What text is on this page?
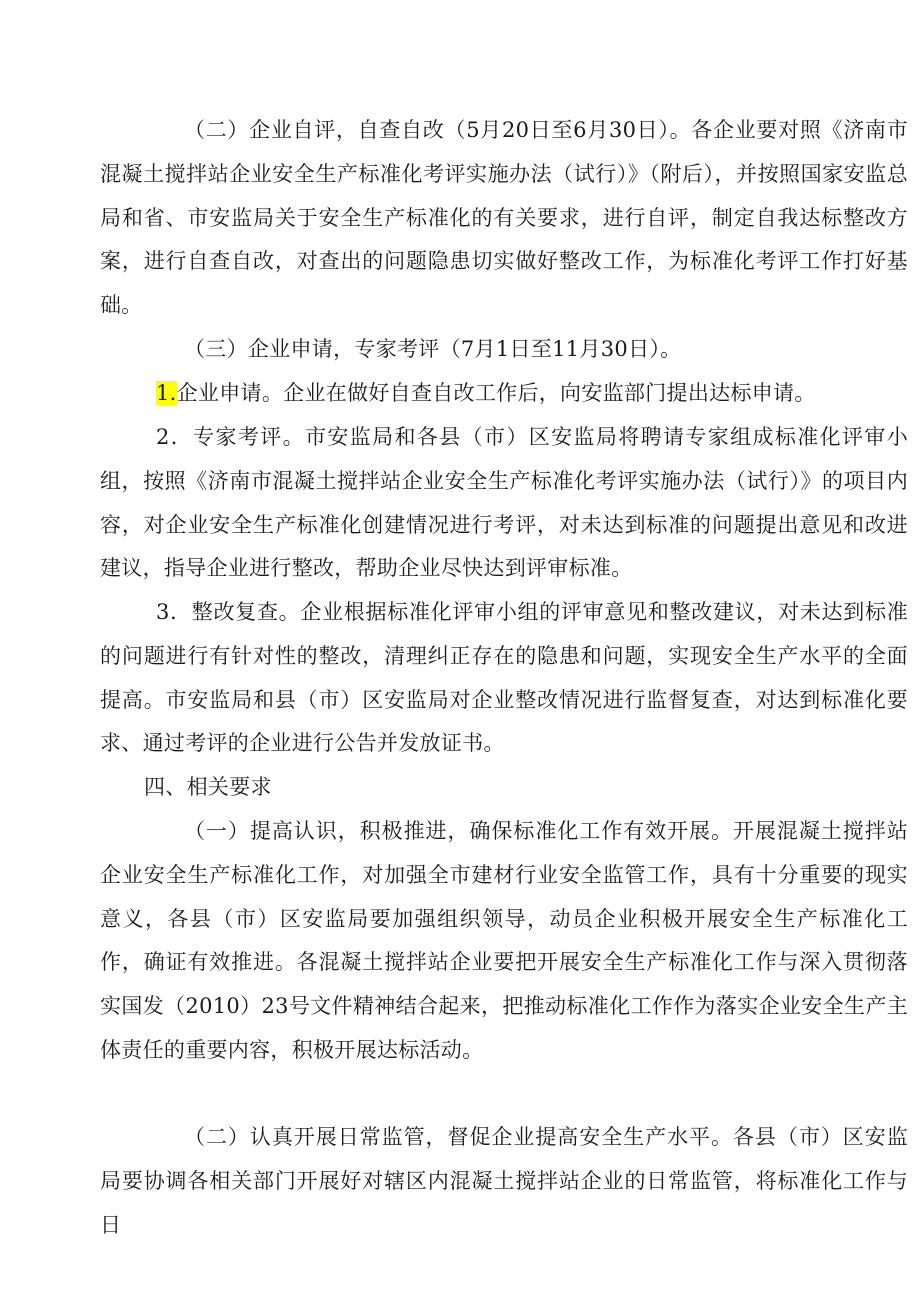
（二）企业自评，自查自改（5月20日至6月30日）。各企业要对照《济南市混凝土搅拌站企业安全生产标准化考评实施办法（试行）》（附后），并按照国家安监总局和省、市安监局关于安全生产标准化的有关要求，进行自评，制定自我达标整改方案，进行自查自改，对查出的问题隐患切实做好整改工作，为标准化考评工作打好基础。

（三）企业申请，专家考评（7月1日至11月30日）。

1.企业申请。企业在做好自查自改工作后，向安监部门提出达标申请。

2．专家考评。市安监局和各县（市）区安监局将聘请专家组成标准化评审小组，按照《济南市混凝土搅拌站企业安全生产标准化考评实施办法（试行）》的项目内容，对企业安全生产标准化创建情况进行考评，对未达到标准的问题提出意见和改进建议，指导企业进行整改，帮助企业尽快达到评审标准。

3．整改复查。企业根据标准化评审小组的评审意见和整改建议，对未达到标准的问题进行有针对性的整改，清理纠正存在的隐患和问题，实现安全生产水平的全面提高。市安监局和县（市）区安监局对企业整改情况进行监督复查，对达到标准化要求、通过考评的企业进行公告并发放证书。

四、相关要求

（一）提高认识，积极推进，确保标准化工作有效开展。开展混凝土搅拌站企业安全生产标准化工作，对加强全市建材行业安全监管工作，具有十分重要的现实意义，各县（市）区安监局要加强组织领导，动员企业积极开展安全生产标准化工作，确证有效推进。各混凝土搅拌站企业要把开展安全生产标准化工作与深入贯彻落实国发（2010）23号文件精神结合起来，把推动标准化工作作为落实企业安全生产主体责任的重要内容，积极开展达标活动。

（二）认真开展日常监管，督促企业提高安全生产水平。各县（市）区安监局要协调各相关部门开展好对辖区内混凝土搅拌站企业的日常监管，将标准化工作与日
